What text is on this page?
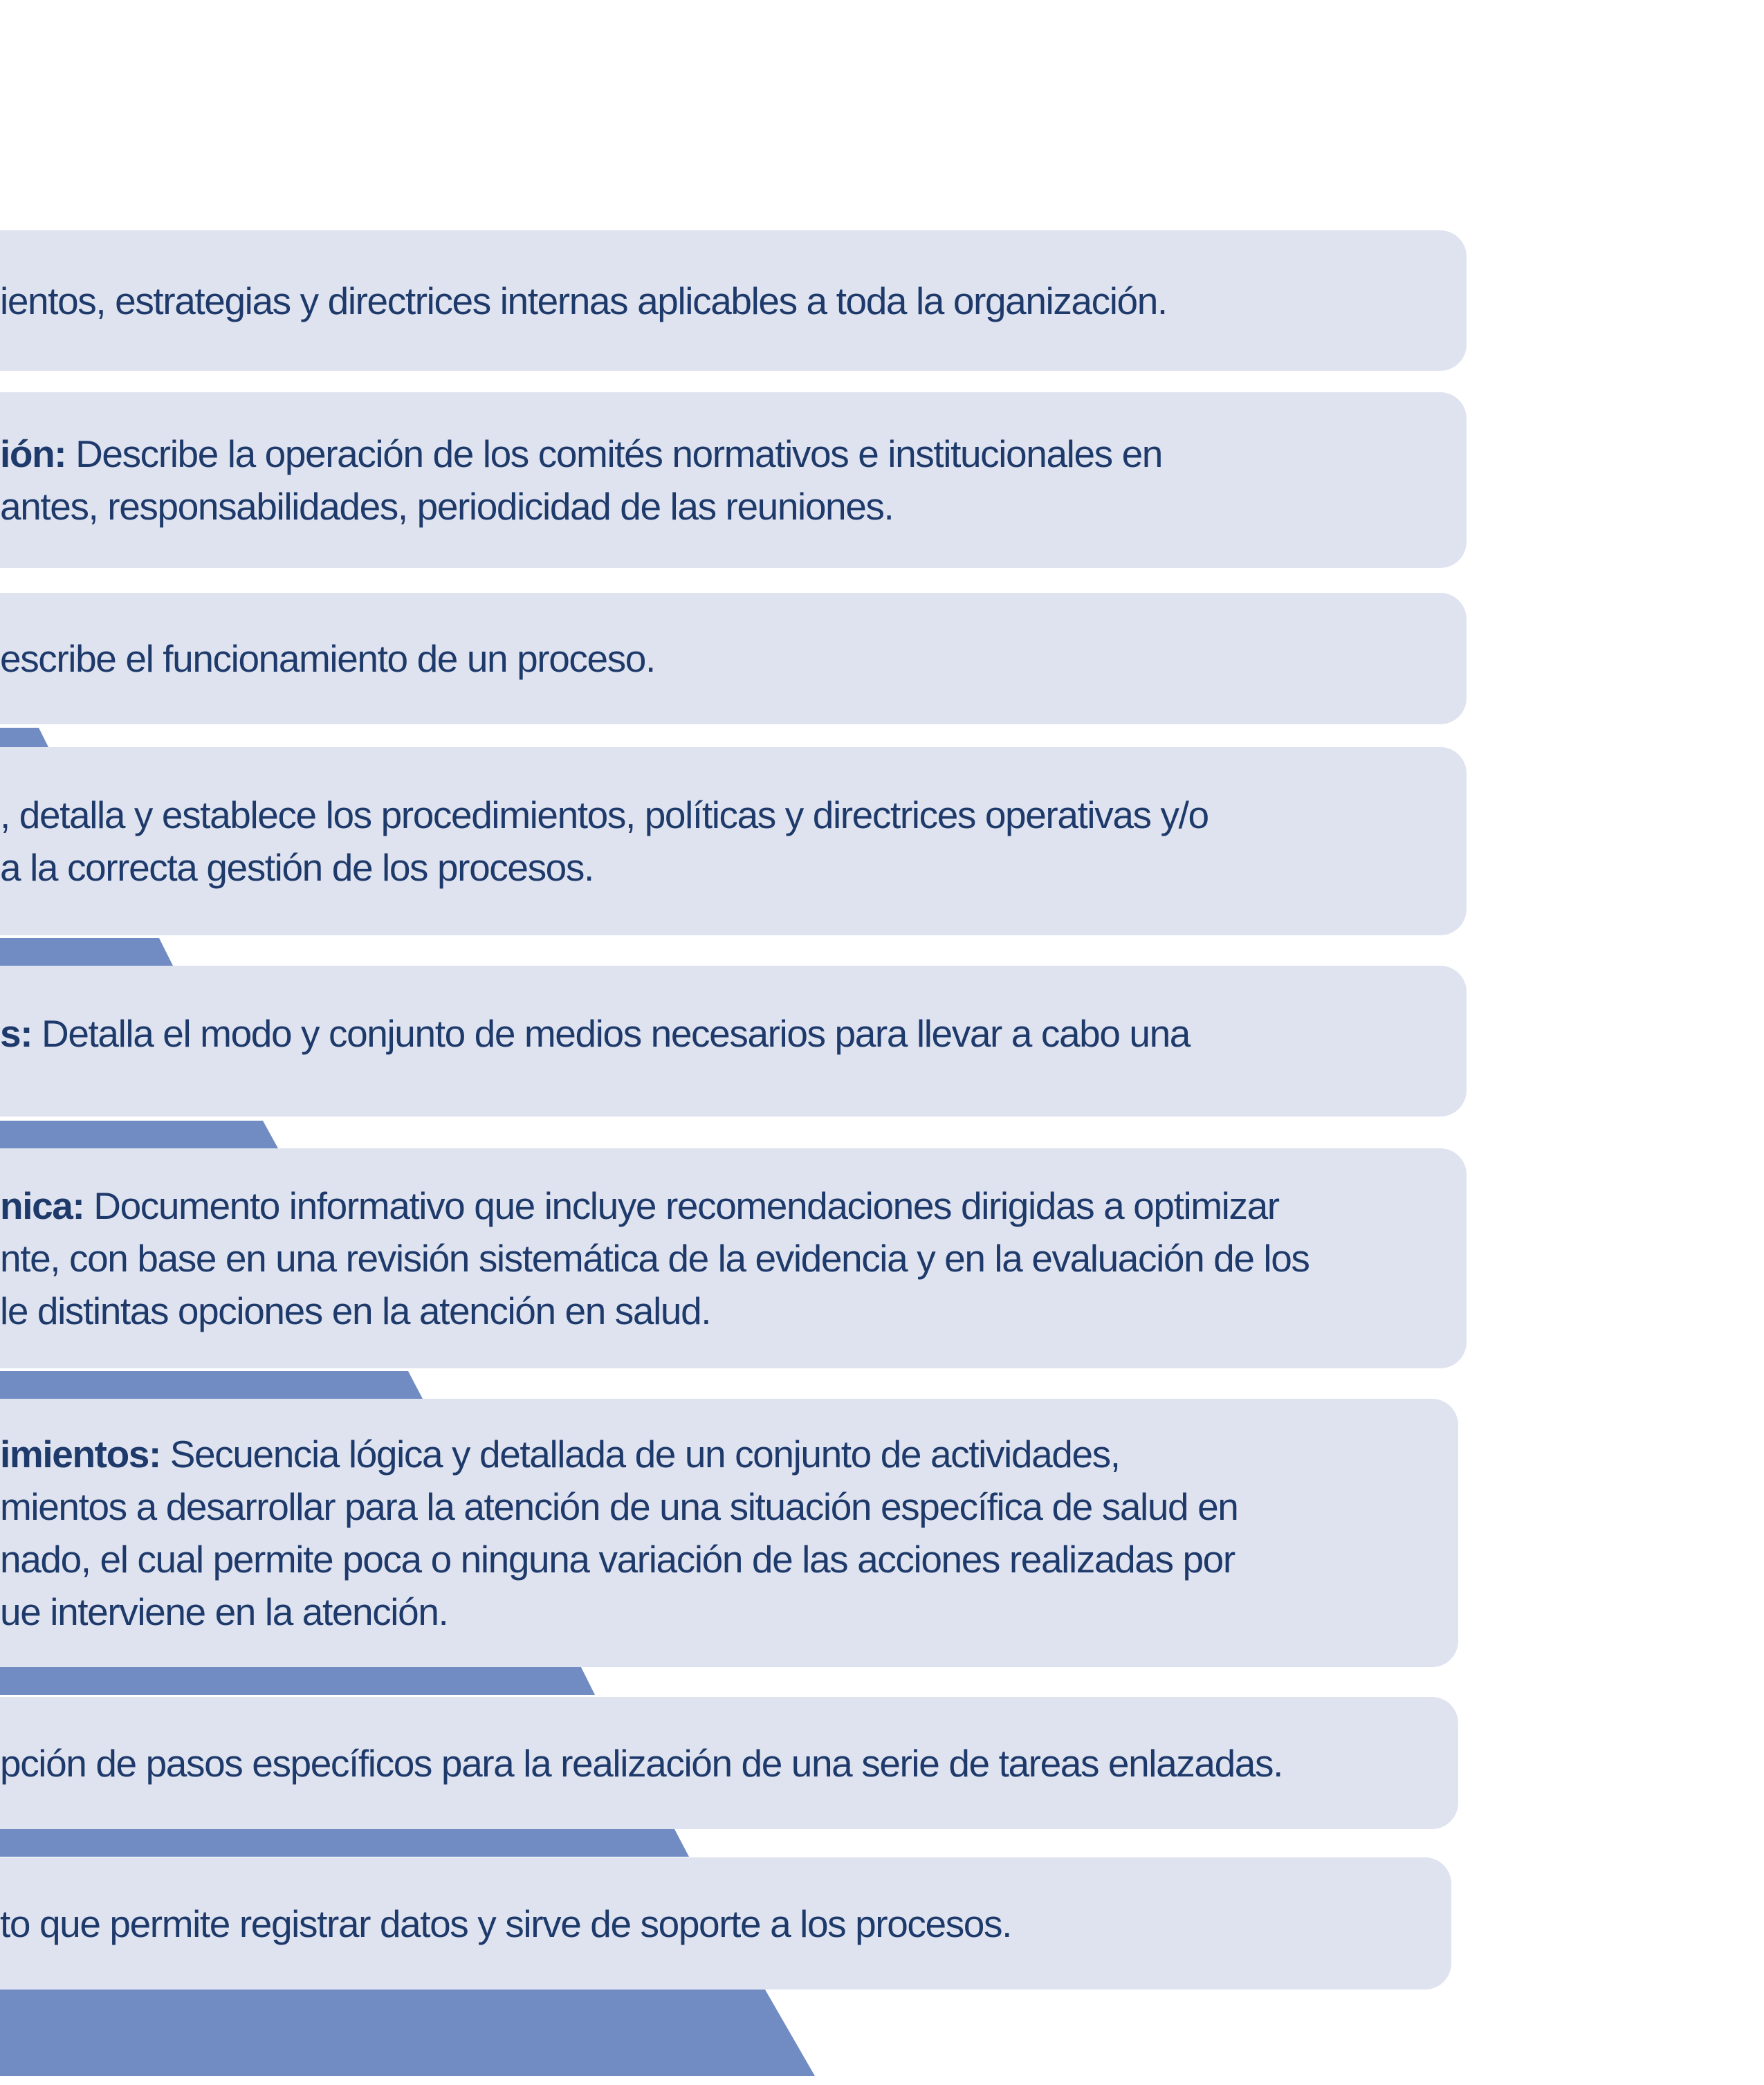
ientos, estrategias y directrices internas aplicables a toda la organización.
ión: Describe la operación de los comités normativos e institucionales en
antes, responsabilidades, periodicidad de las reuniones.
escribe el funcionamiento de un proceso.
, detalla y establece los procedimientos, políticas y directrices operativas y/o
a la correcta gestión de los procesos.
s: Detalla el modo y conjunto de medios necesarios para llevar a cabo una
nica: Documento informativo que incluye recomendaciones dirigidas a optimizar
nte, con base en una revisión sistemática de la evidencia y en la evaluación de los
le distintas opciones en la atención en salud.
imientos: Secuencia lógica y detallada de un conjunto de actividades,
mientos a desarrollar para la atención de una situación específica de salud en
nado, el cual permite poca o ninguna variación de las acciones realizadas por
ue interviene en la atención.
pción de pasos específicos para la realización de una serie de tareas enlazadas.
to que permite registrar datos y sirve de soporte a los procesos.
